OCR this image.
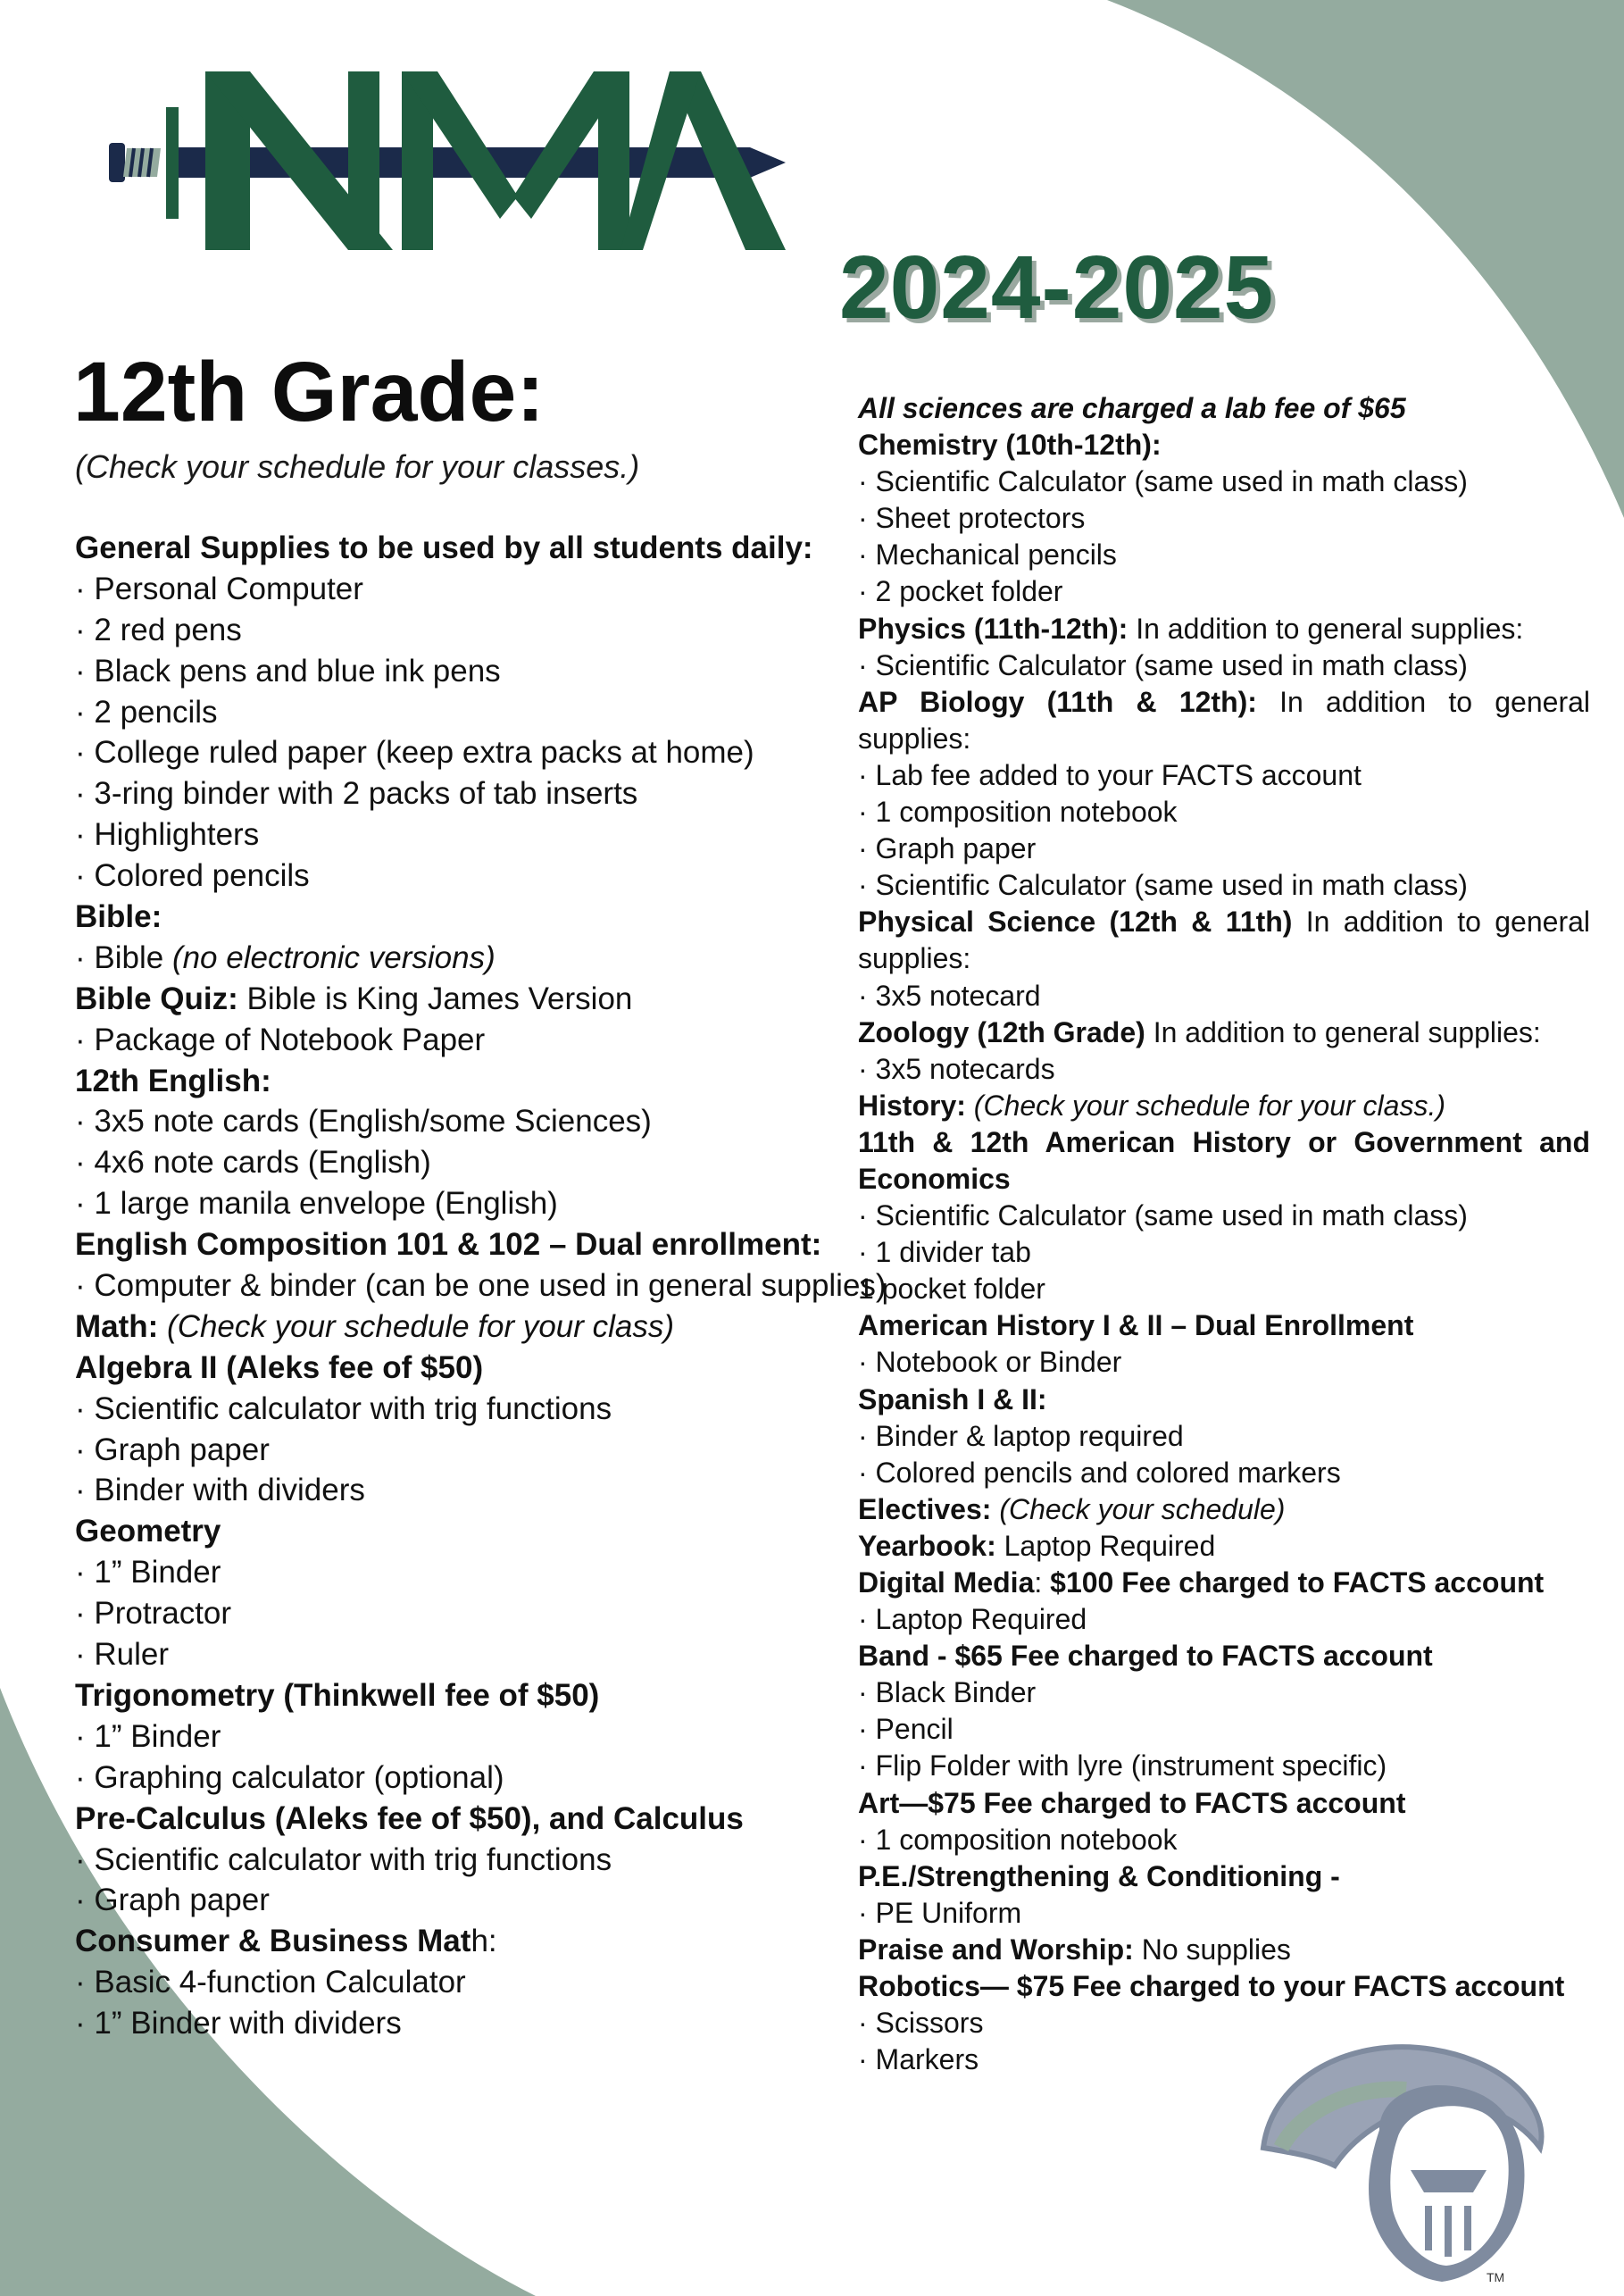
TM
2024-2025
12th Grade:
(Check your schedule for your classes.)
General Supplies to be used by all students daily:
· Personal Computer
· 2 red pens
· Black pens and blue ink pens
· 2 pencils
· College ruled paper (keep extra packs at home)
· 3-ring binder with 2 packs of tab inserts
· Highlighters
· Colored pencils
Bible:
· Bible (no electronic versions)
Bible Quiz: Bible is King James Version
· Package of Notebook Paper
12th English:
· 3x5 note cards (English/some Sciences)
· 4x6 note cards (English)
· 1 large manila envelope (English)
English Composition 101 & 102 – Dual enrollment:
· Computer & binder (can be one used in general supplies)
Math: (Check your schedule for your class)
Algebra II (Aleks fee of $50)
· Scientific calculator with trig functions
· Graph paper
· Binder with dividers
Geometry
· 1” Binder
· Protractor
· Ruler
Trigonometry (Thinkwell fee of $50)
· 1” Binder
· Graphing calculator (optional)
Pre-Calculus (Aleks fee of $50), and Calculus
· Scientific calculator with trig functions
· Graph paper
Consumer & Business Math:
· Basic 4-function Calculator
· 1” Binder with dividers
All sciences are charged a lab fee of $65
Chemistry (10th-12th):
· Scientific Calculator (same used in math class)
· Sheet protectors
· Mechanical pencils
· 2 pocket folder
Physics (11th-12th): In addition to general supplies:
· Scientific Calculator (same used in math class)
AP Biology (11th & 12th): In addition to general
supplies:
· Lab fee added to your FACTS account
· 1 composition notebook
· Graph paper
· Scientific Calculator (same used in math class)
Physical Science (12th & 11th) In addition to general
supplies:
· 3x5 notecard
Zoology (12th Grade) In addition to general supplies:
· 3x5 notecards
History: (Check your schedule for your class.)
11th & 12th American History or Government and
Economics
· Scientific Calculator (same used in math class)
· 1 divider tab
1 pocket folder
American History I & II – Dual Enrollment
· Notebook or Binder
Spanish I & II:
· Binder & laptop required
· Colored pencils and colored markers
Electives: (Check your schedule)
Yearbook: Laptop Required
Digital Media: $100 Fee charged to FACTS account
· Laptop Required
Band - $65 Fee charged to FACTS account
· Black Binder
· Pencil
· Flip Folder with lyre (instrument specific)
Art—$75 Fee charged to FACTS account
· 1 composition notebook
P.E./Strengthening & Conditioning -
· PE Uniform
Praise and Worship: No supplies
Robotics— $75 Fee charged to your FACTS account
· Scissors
· Markers
